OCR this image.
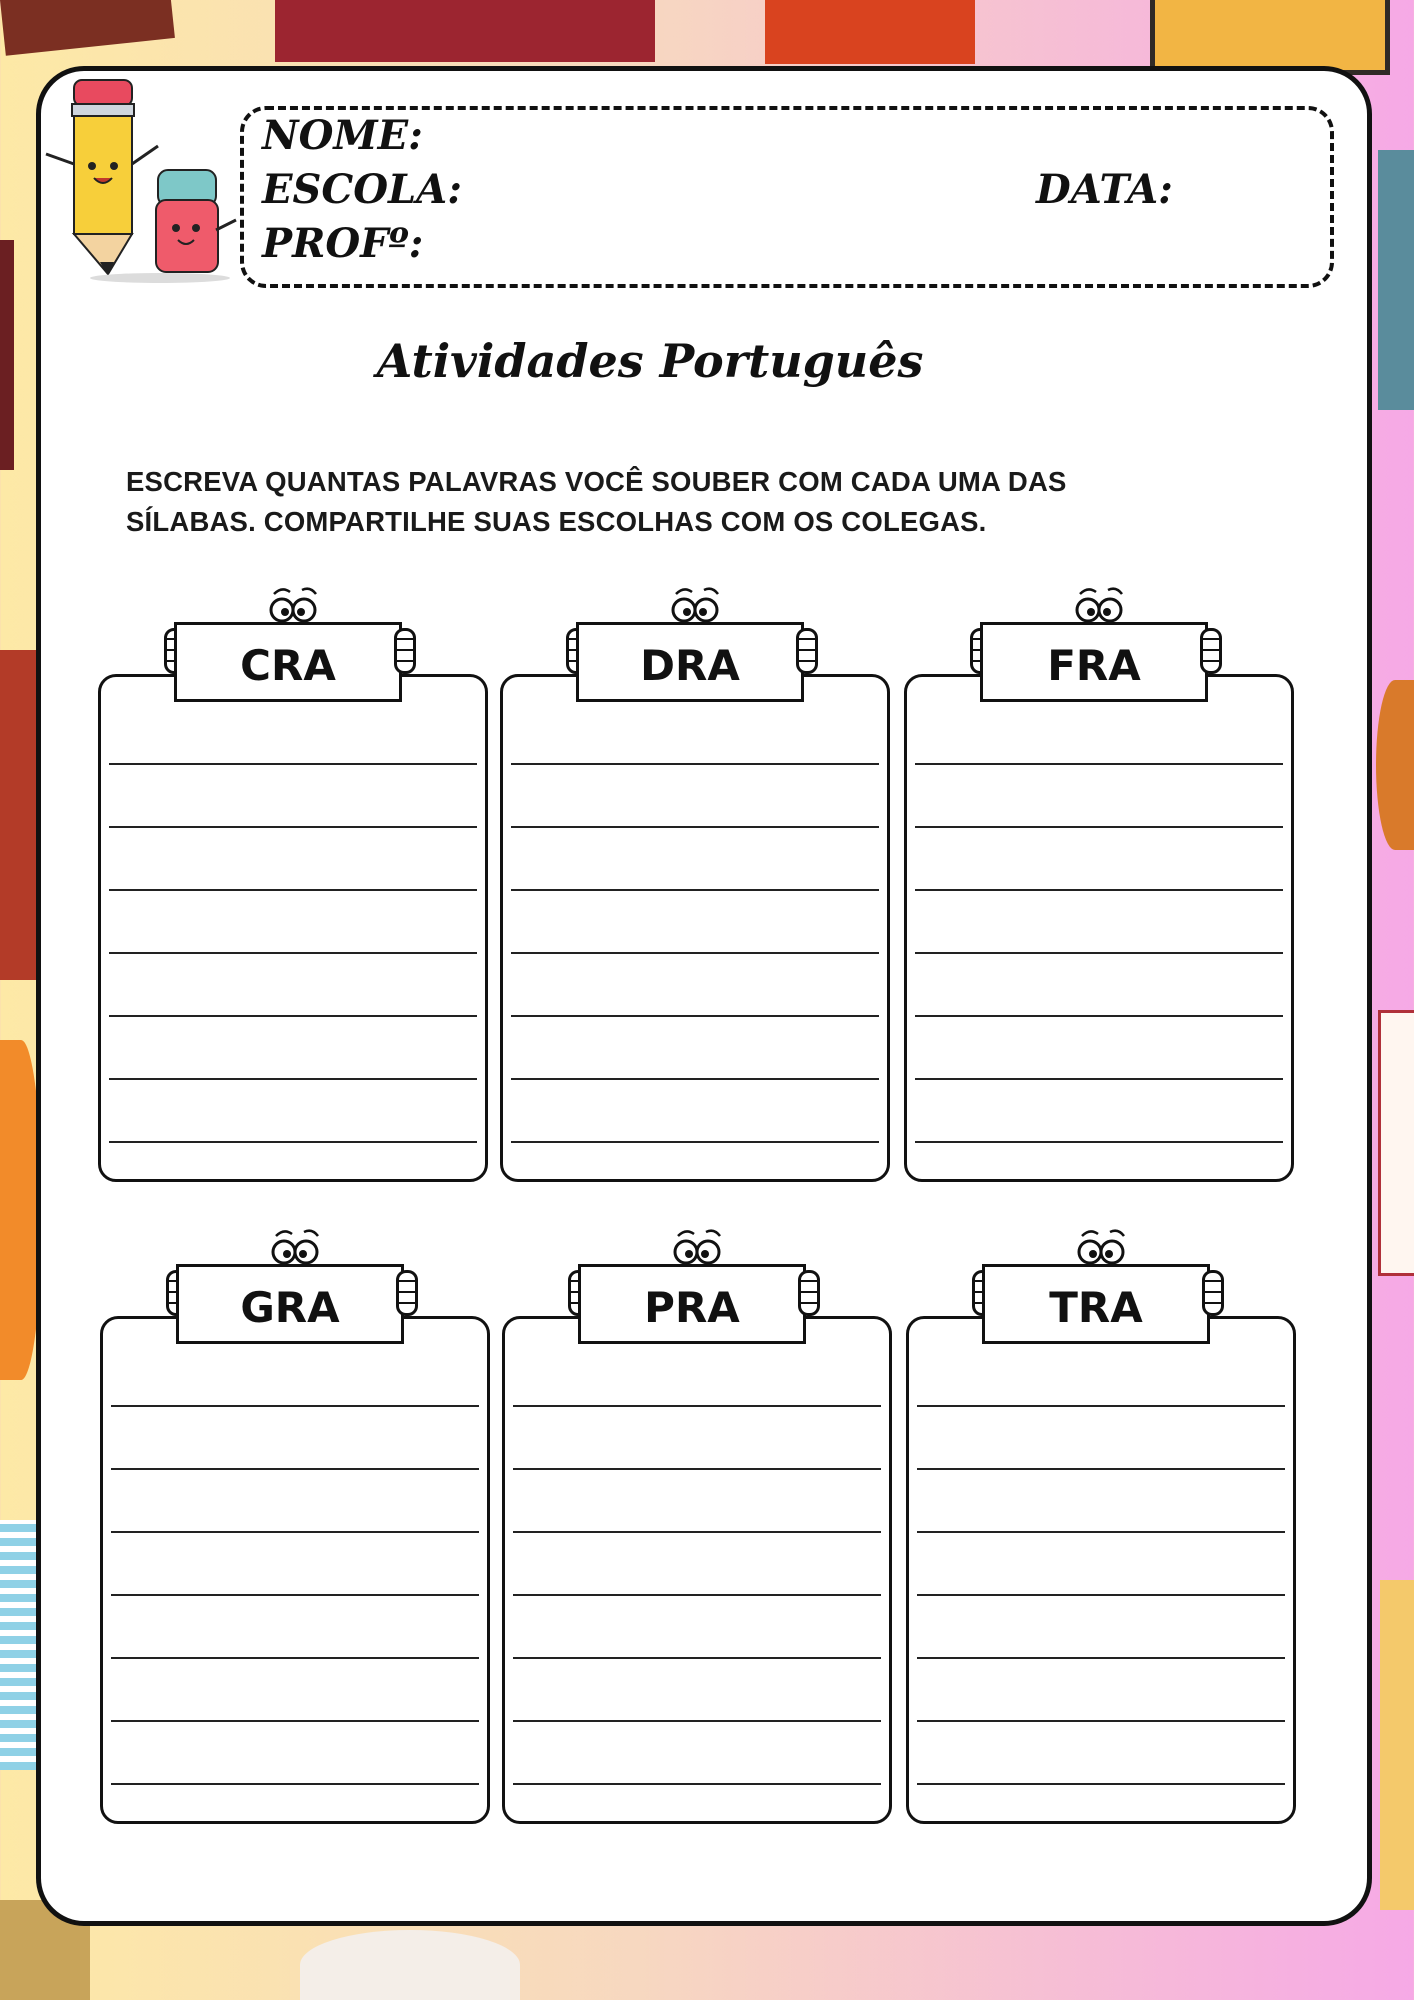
NOME:
ESCOLA:
PROFº:
DATA:
Atividades Português
ESCREVA QUANTAS PALAVRAS VOCÊ SOUBER COM CADA UMA DAS
SÍLABAS. COMPARTILHE SUAS ESCOLHAS COM OS COLEGAS.
CRA	DRA	FRA
GRA	PRA	TRA
